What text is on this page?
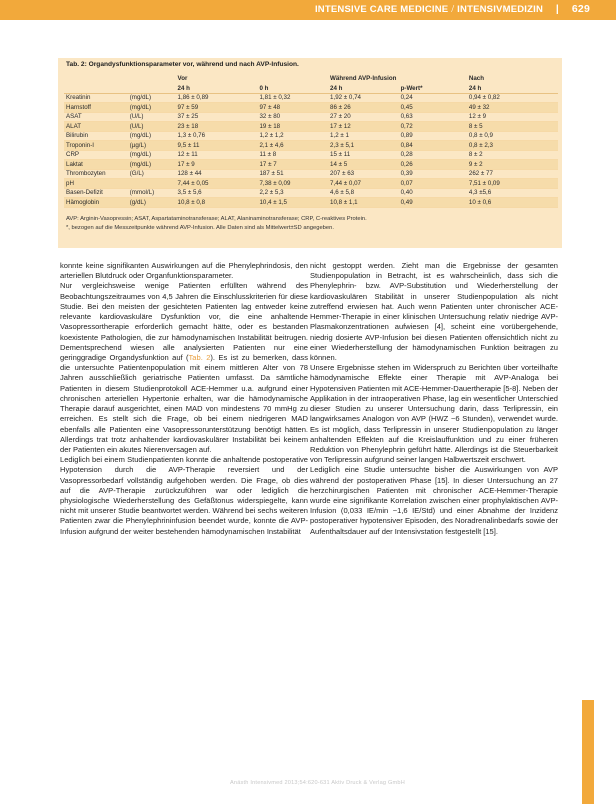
INTENSIVE CARE MEDICINE / INTENSIVMEDIZIN | 629
Tab. 2: Organdysfunktionsparameter vor, während und nach AVP-Infusion.
		Vor		Während AVP-Infusion		Nach
		24 h	0 h	24 h	p-Wert*	24 h
Kreatinin	(mg/dL)	1,86 ± 0,89	1,81 ± 0,32	1,92 ± 0,74	0,24	0,94 ± 0,82
Harnstoff	(mg/dL)	97 ± 59	97 ± 48	86 ± 26	0,45	49 ± 32
ASAT	(U/L)	37 ± 25	32 ± 80	27 ± 20	0,63	12 ± 9
ALAT	(U/L)	23 ± 18	19 ± 18	17 ± 12	0,72	8 ± 5
Bilirubin	(mg/dL)	1,3 ± 0,76	1,2 ± 1,2	1,2 ± 1	0,89	0,8 ± 0,9
Troponin-I	(µg/L)	9,5 ± 11	2,1 ± 4,6	2,3 ± 5,1	0,84	0,8 ± 2,3
CRP	(mg/dL)	12 ± 11	11 ± 8	15 ± 11	0,28	8 ± 2
Laktat	(mg/dL)	17 ± 9	17 ± 7	14 ± 5	0,26	9 ± 2
Thrombozyten	(G/L)	128 ± 44	187 ± 51	207 ± 63	0,39	262 ± 77
pH		7,44 ± 0,05	7,38 ± 0,09	7,44 ± 0,07	0,07	7,51 ± 0,09
Basen-Defizit	(mmol/L)	3,5 ± 5,6	2,2 ± 5,3	4,6 ± 5,8	0,40	4,3 ±5,6
Hämoglobin	(g/dL)	10,8 ± 0,8	10,4 ± 1,5	10,8 ± 1,1	0,49	10 ± 0,6
AVP: Arginin-Vasopressin; ASAT, Aspartataminotransferase; ALAT, Alaninaminotransferase; CRP, C-reaktives Protein.
*, bezogen auf die Messzeitpunkte während AVP-Infusion. Alle Daten sind als Mittelwert±SD angegeben.

konnte keine signifikanten Auswirkungen auf die Phenylephrindosis, den arteriellen Blutdruck oder Organfunktionsparameter.

Nur vergleichsweise wenige Patienten erfüllten während des Beobachtungszeitraumes von 4,5 Jahren die Einschlusskriterien für diese Studie. Bei den meisten der gesichteten Patienten lag entweder keine relevante kardiovaskuläre Dysfunktion vor, die eine anhaltende Vasopressortherapie erforderlich gemacht hätte, oder es bestanden koexistente Pathologien, die zur hämodynamischen Instabilität beitrugen. Dementsprechend wiesen alle analysierten Patienten nur eine geringgradige Organdysfunktion auf (Tab. 2). Es ist zu bemerken, dass die untersuchte Patientenpopulation mit einem mittleren Alter von 78 Jahren ausschließlich geriatrische Patienten umfasst. Da sämtliche Patienten in diesem Studienprotokoll ACE-Hemmer u.a. aufgrund einer chronischen arteriellen Hypertonie erhalten, war die hämodynamische Therapie darauf ausgerichtet, einen MAD von mindestens 70 mmHg zu erreichen. Es stellt sich die Frage, ob bei einem niedrigeren MAD ebenfalls alle Patienten eine Vasopressorunterstützung benötigt hätten. Allerdings trat trotz anhaltender kardiovaskulärer Instabilität bei keinem der Patienten ein akutes Nierenversagen auf.

Lediglich bei einem Studienpatienten konnte die anhaltende postoperative Hypotension durch die AVP-Therapie reversiert und der Vasopressorbedarf vollständig aufgehoben werden. Die Frage, ob dies auf die AVP-Therapie zurückzuführen war oder lediglich die physiologische Wiederherstellung des Gefäßtonus widerspiegelte, kann nicht mit unserer Studie beantwortet werden. Während bei sechs weiteren Patienten zwar die Phenylephrininfusion beendet wurde, konnte die AVP-Infusion aufgrund der weiter bestehenden hämodynamischen Instabilität

nicht gestoppt werden. Zieht man die Ergebnisse der gesamten Studienpopulation in Betracht, ist es wahrscheinlich, dass sich die Phenylephrin- bzw. AVP-Substitution und Wiederherstellung der kardiovaskulären Stabilität in unserer Studienpopulation als nicht zutreffend erwiesen hat. Auch wenn Patienten unter chronischer ACE-Hemmer-Therapie in einer klinischen Untersuchung relativ niedrige AVP-Plasmakonzentrationen aufwiesen [4], scheint eine vorübergehende, niedrig dosierte AVP-Infusion bei diesen Patienten offensichtlich nicht zu einer Wiederherstellung der hämodynamischen Funktion beitragen zu können.

Unsere Ergebnisse stehen im Widerspruch zu Berichten über vorteilhafte hämodynamische Effekte einer Therapie mit AVP-Analoga bei Hypotensiven Patienten mit ACE-Hemmer-Dauertherapie [5-8]. Neben der Applikation in der intraoperativen Phase, lag ein wesentlicher Unterschied dieser Studien zu unserer Untersuchung darin, dass Terlipressin, ein langwirksames Analogon von AVP (HWZ ~6 Stunden), verwendet wurde. Es ist möglich, dass Terlipressin in unserer Studienpopulation zu länger anhaltenden Effekten auf die Kreislauffunktion und zu einer früheren Reduktion von Phenylephrin geführt hätte. Allerdings ist die Steuerbarkeit von Terlipressin aufgrund seiner langen Halbwertszeit erschwert.

Lediglich eine Studie untersuchte bisher die Auswirkungen von AVP während der postoperativen Phase [15]. In dieser Untersuchung an 27 herzchirurgischen Patienten mit chronischer ACE-Hemmer-Therapie wurde eine signifikante Korrelation zwischen einer prophylaktischen AVP-Infusion (0,033 IE/min ~1,6 IE/Std) und einer Abnahme der Inzidenz postoperativer hypotensiver Episoden, des Noradrenalinbedarfs sowie der Aufenthaltsdauer auf der Intensivstation festgestellt [15].

Anästh Intensivmed 2013;54:620-631 Aktiv Druck & Verlag GmbH
